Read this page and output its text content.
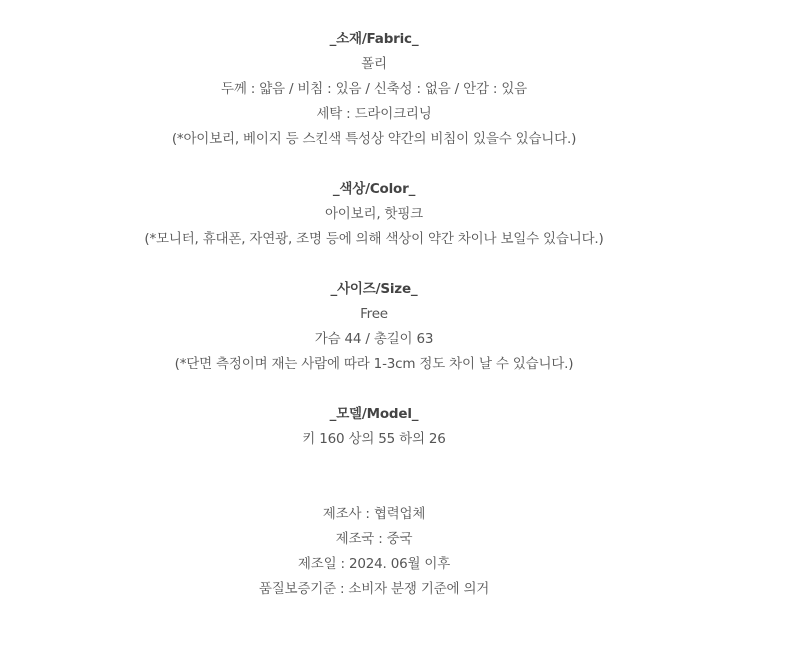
_소재/Fabric_
폴리
두께 : 얇음 / 비침 : 있음 / 신축성 : 없음 / 안감 : 있음
세탁 : 드라이크리닝
(*아이보리, 베이지 등 스킨색 특성상 약간의 비침이 있을수 있습니다.)
_색상/Color_
아이보리, 핫핑크
(*모니터, 휴대폰, 자연광, 조명 등에 의해 색상이 약간 차이나 보일수 있습니다.)
_사이즈/Size_
Free
가슴 44 / 총길이 63
(*단면 측정이며 재는 사람에 따라 1-3cm 정도 차이 날 수 있습니다.)
_모델/Model_
키 160 상의 55 하의 26
제조사 : 협력업체
제조국 : 중국
제조일 : 2024. 06월 이후
품질보증기준 : 소비자 분쟁 기준에 의거
